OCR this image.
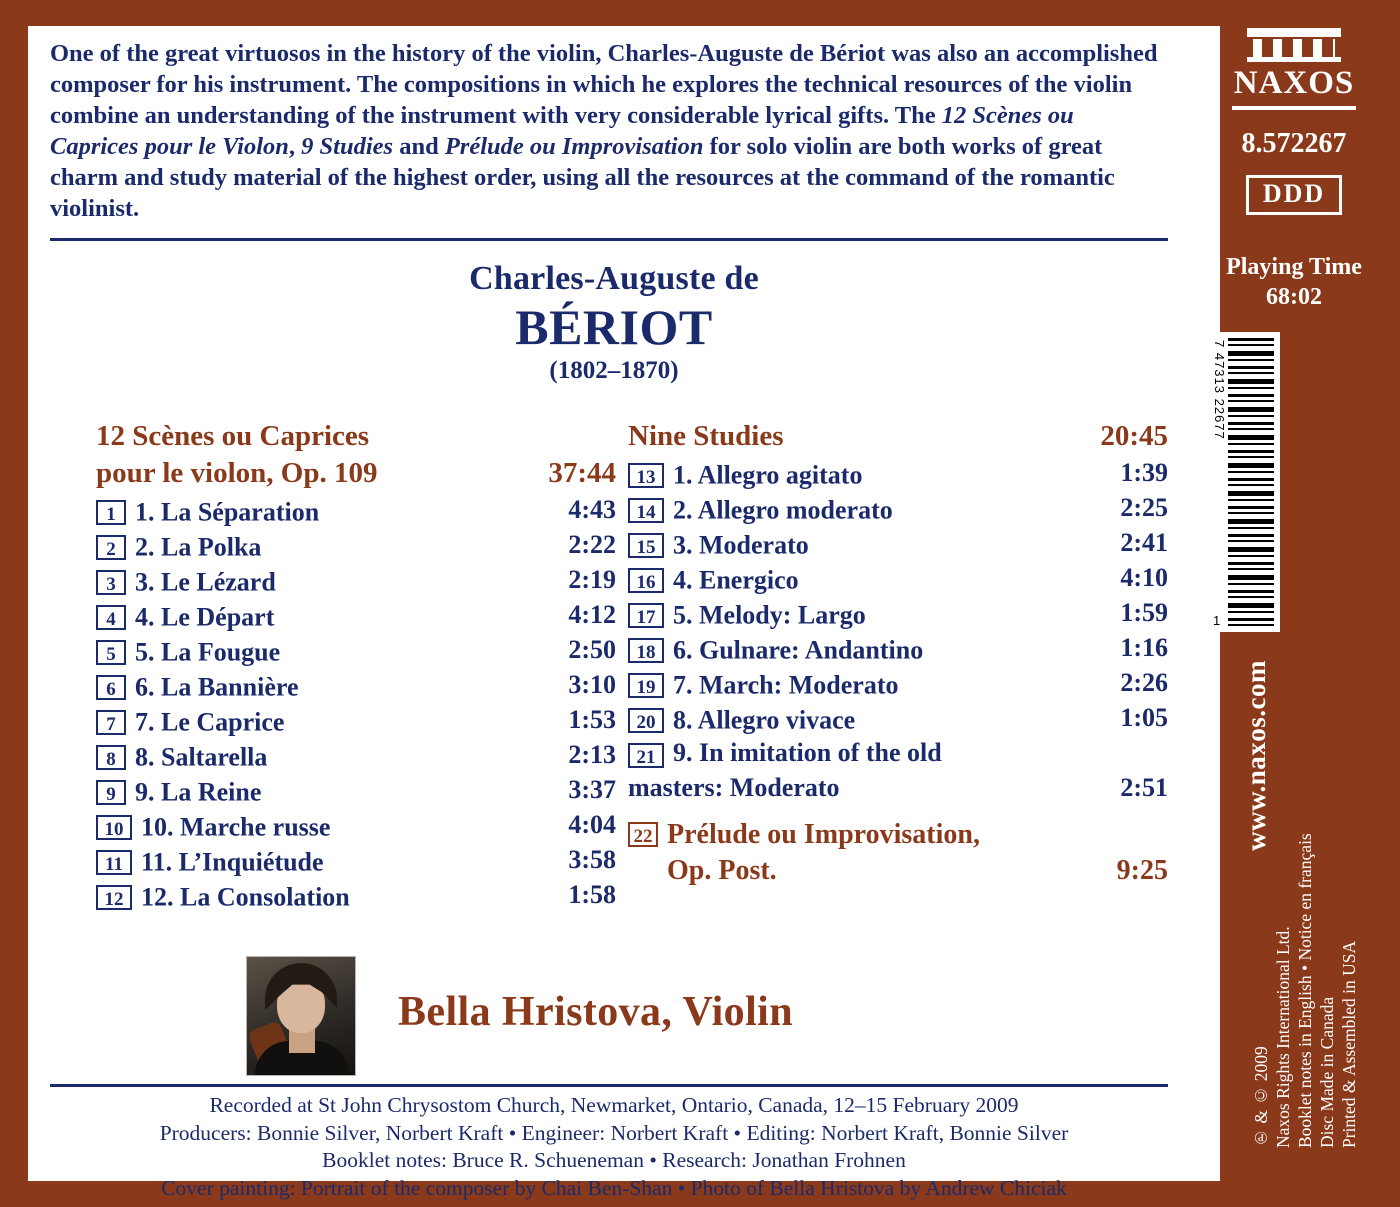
One of the great virtuosos in the history of the violin, Charles-Auguste de Bériot was also an accomplished composer for his instrument. The compositions in which he explores the technical resources of the violin combine an understanding of the instrument with very considerable lyrical gifts. The 12 Scènes ou Caprices pour le Violon, 9 Studies and Prélude ou Improvisation for solo violin are both works of great charm and study material of the highest order, using all the resources at the command of the romantic violinist.
Charles-Auguste de
BÉRIOT
(1802–1870)
12 Scènes ou Caprices
pour le violon, Op. 109	37:44
1 1. La Séparation	4:43
2 2. La Polka	2:22
3 3. Le Lézard	2:19
4 4. Le Départ	4:12
5 5. La Fougue	2:50
6 6. La Bannière	3:10
7 7. Le Caprice	1:53
8 8. Saltarella	2:13
9 9. La Reine	3:37
10 10. Marche russe	4:04
11 11. L’Inquiétude	3:58
12 12. La Consolation	1:58
Nine Studies	20:45
13 1. Allegro agitato	1:39
14 2. Allegro moderato	2:25
15 3. Moderato	2:41
16 4. Energico	4:10
17 5. Melody: Largo	1:59
18 6. Gulnare: Andantino	1:16
19 7. March: Moderato	2:26
20 8. Allegro vivace	1:05
21 9. In imitation of the old
masters: Moderato	2:51
22 Prélude ou Improvisation,
Op. Post.	9:25
Bella Hristova, Violin
Recorded at St John Chrysostom Church, Newmarket, Ontario, Canada, 12–15 February 2009
Producers: Bonnie Silver, Norbert Kraft • Engineer: Norbert Kraft • Editing: Norbert Kraft, Bonnie Silver
Booklet notes: Bruce R. Schueneman • Research: Jonathan Frohnen
Cover painting: Portrait of the composer by Chai Ben-Shan • Photo of Bella Hristova by Andrew Chiciak
NAXOS
8.572267
DDD
Playing Time
68:02
7 47313 22677
1
www.naxos.com
℗ & © 2009 Naxos Rights International Ltd. Booklet notes in English • Notice en français Disc Made in Canada Printed & Assembled in USA
